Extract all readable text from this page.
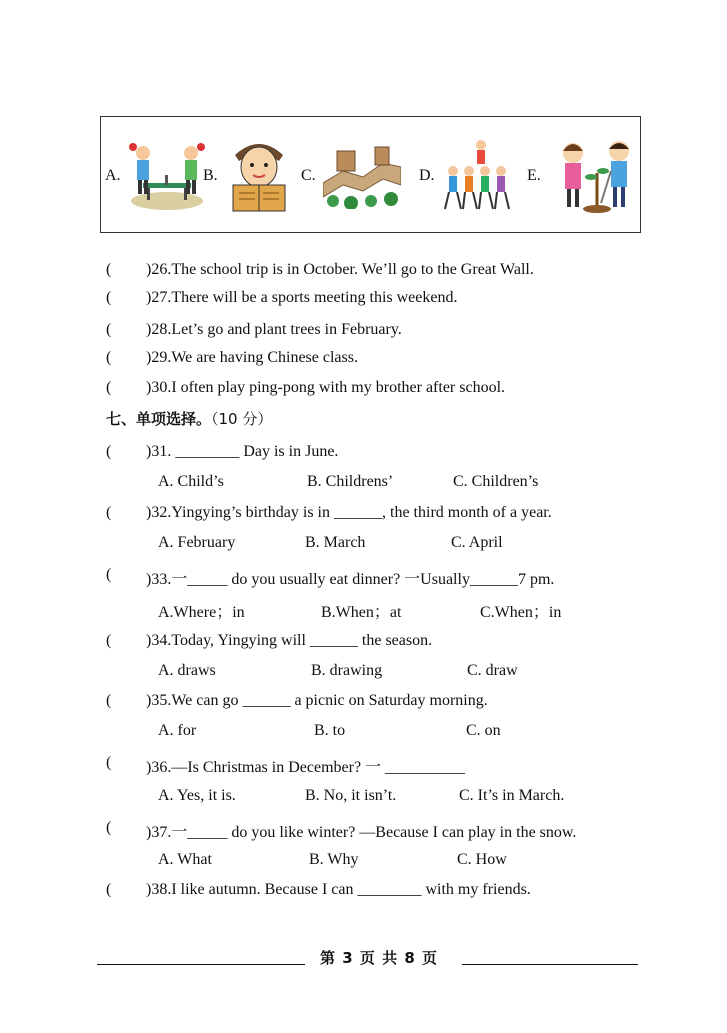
A.	B.	C.	D.	E.
( )26.The school trip is in October. We’ll go to the Great Wall.
( )27.There will be a sports meeting this weekend.
( )28.Let’s go and plant trees in February.
( )29.We are having Chinese class.
( )30.I often play ping-pong with my brother after school.
七、单项选择。（10 分）
( )31. ________ Day is in June.
A. Child’s	B. Childrens’	C. Children’s
( )32.Yingying’s birthday is in ______, the third month of a year.
A. February	B. March	C. April
( )33.一_____ do you usually eat dinner? 一Usually______7 pm.
A.Where；in	B.When；at	C.When；in
( )34.Today, Yingying will ______ the season.
A. draws	B. drawing	C. draw
( )35.We can go ______ a picnic on Saturday morning.
A. for	B. to	C. on
( )36.—Is Christmas in December? 一 __________
A. Yes, it is.	B. No, it isn’t.	C. It’s in March.
( )37.一_____ do you like winter? —Because I can play in the snow.
A. What	B. Why	C. How
( )38.I like autumn. Because I can ________ with my friends.
第 3 页 共 8 页
